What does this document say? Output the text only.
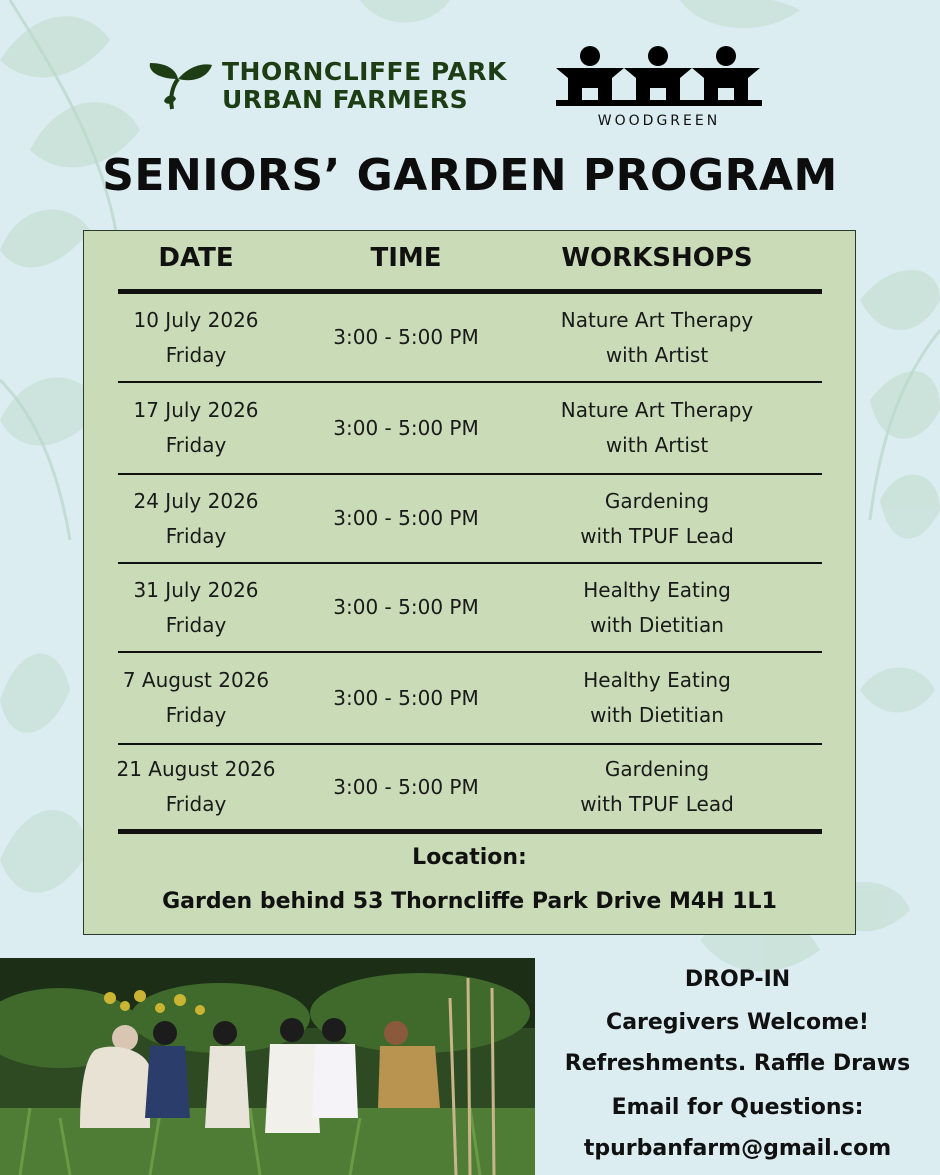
THORNCLIFFE PARK
URBAN FARMERS
WOODGREEN
SENIORS’ GARDEN PROGRAM
DATE	TIME	WORKSHOPS
10 July 2026
Friday
3:00 - 5:00 PM
Nature Art Therapy
with Artist
17 July 2026
Friday
3:00 - 5:00 PM
Nature Art Therapy
with Artist
24 July 2026
Friday
3:00 - 5:00 PM
Gardening
with TPUF Lead
31 July 2026
Friday
3:00 - 5:00 PM
Healthy Eating
with Dietitian
7 August 2026
Friday
3:00 - 5:00 PM
Healthy Eating
with Dietitian
21 August 2026
Friday
3:00 - 5:00 PM
Gardening
with TPUF Lead
Location:
Garden behind 53 Thorncliffe Park Drive M4H 1L1
DROP-IN
Caregivers Welcome!
Refreshments. Raffle Draws
Email for Questions:
tpurbanfarm@gmail.com
